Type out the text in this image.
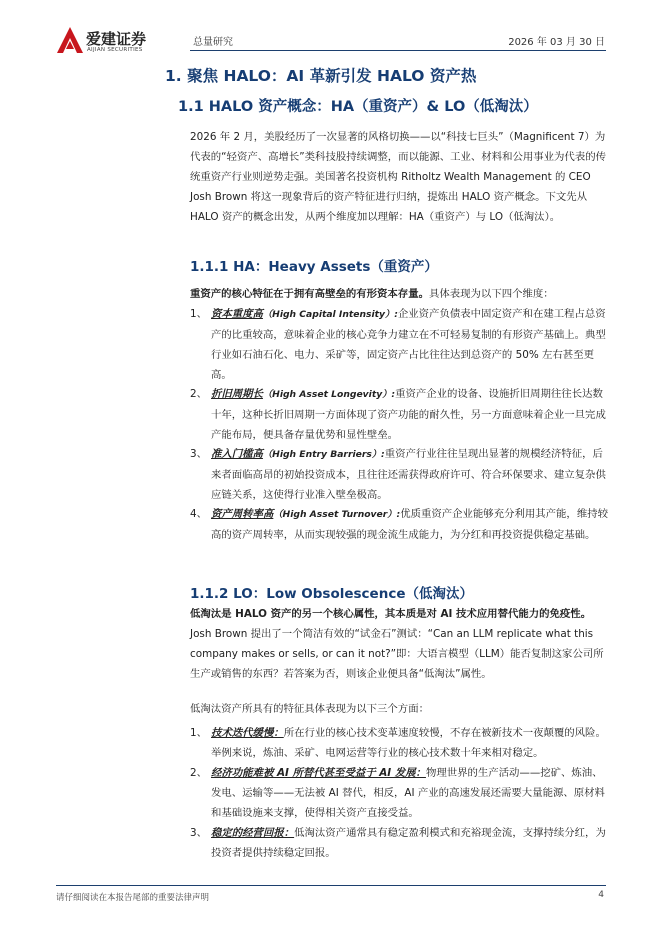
爱建证券
AIJIAN SECURITIES
总量研究	2026 年 03 月 30 日
1. 聚焦 HALO：AI 革新引发 HALO 资产热
1.1 HALO 资产概念：HA（重资产）& LO（低淘汰）

2026 年 2 月，美股经历了一次显著的风格切换——以“科技七巨头”（Magnificent 7）为代表的“轻资产、高增长”类科技股持续调整，而以能源、工业、材料和公用事业为代表的传统重资产行业则逆势走强。美国著名投资机构 Ritholtz Wealth Management 的 CEO Josh Brown 将这一现象背后的资产特征进行归纳，提炼出 HALO 资产概念。下文先从 HALO 资产的概念出发，从两个维度加以理解：HA（重资产）与 LO（低淘汰）。

1.1.1 HA：Heavy Assets（重资产）

重资产的核心特征在于拥有高壁垒的有形资本存量。具体表现为以下四个维度：

1、 资本重度高（High Capital Intensity）:企业资产负债表中固定资产和在建工程占总资产的比重较高，意味着企业的核心竞争力建立在不可轻易复制的有形资产基础上。典型行业如石油石化、电力、采矿等，固定资产占比往往达到总资产的 50% 左右甚至更高。
2、 折旧周期长（High Asset Longevity）:重资产企业的设备、设施折旧周期往往长达数十年，这种长折旧周期一方面体现了资产功能的耐久性，另一方面意味着企业一旦完成产能布局，便具备存量优势和显性壁垒。
3、 准入门槛高（High Entry Barriers）:重资产行业往往呈现出显著的规模经济特征，后来者面临高昂的初始投资成本，且往往还需获得政府许可、符合环保要求、建立复杂供应链关系，这使得行业准入壁垒极高。
4、 资产周转率高（High Asset Turnover）:优质重资产企业能够充分利用其产能，维持较高的资产周转率，从而实现较强的现金流生成能力，为分红和再投资提供稳定基础。
1.1.2 LO：Low Obsolescence（低淘汰）

低淘汰是 HALO 资产的另一个核心属性，其本质是对 AI 技术应用替代能力的免疫性。Josh Brown 提出了一个简洁有效的“试金石”测试：“Can an LLM replicate what this company makes or sells, or can it not?”即：大语言模型（LLM）能否复制这家公司所生产或销售的东西？若答案为否，则该企业便具备“低淘汰”属性。

低淘汰资产所具有的特征具体表现为以下三个方面：

1、 技术迭代缓慢：所在行业的核心技术变革速度较慢，不存在被新技术一夜颠覆的风险。举例来说，炼油、采矿、电网运营等行业的核心技术数十年来相对稳定。
2、 经济功能难被 AI 所替代甚至受益于 AI 发展：物理世界的生产活动——挖矿、炼油、发电、运输等——无法被 AI 替代，相反，AI 产业的高速发展还需要大量能源、原材料和基础设施来支撑，使得相关资产直接受益。
3、 稳定的经营回报：低淘汰资产通常具有稳定盈利模式和充裕现金流，支撑持续分红，为投资者提供持续稳定回报。
请仔细阅读在本报告尾部的重要法律声明	4
